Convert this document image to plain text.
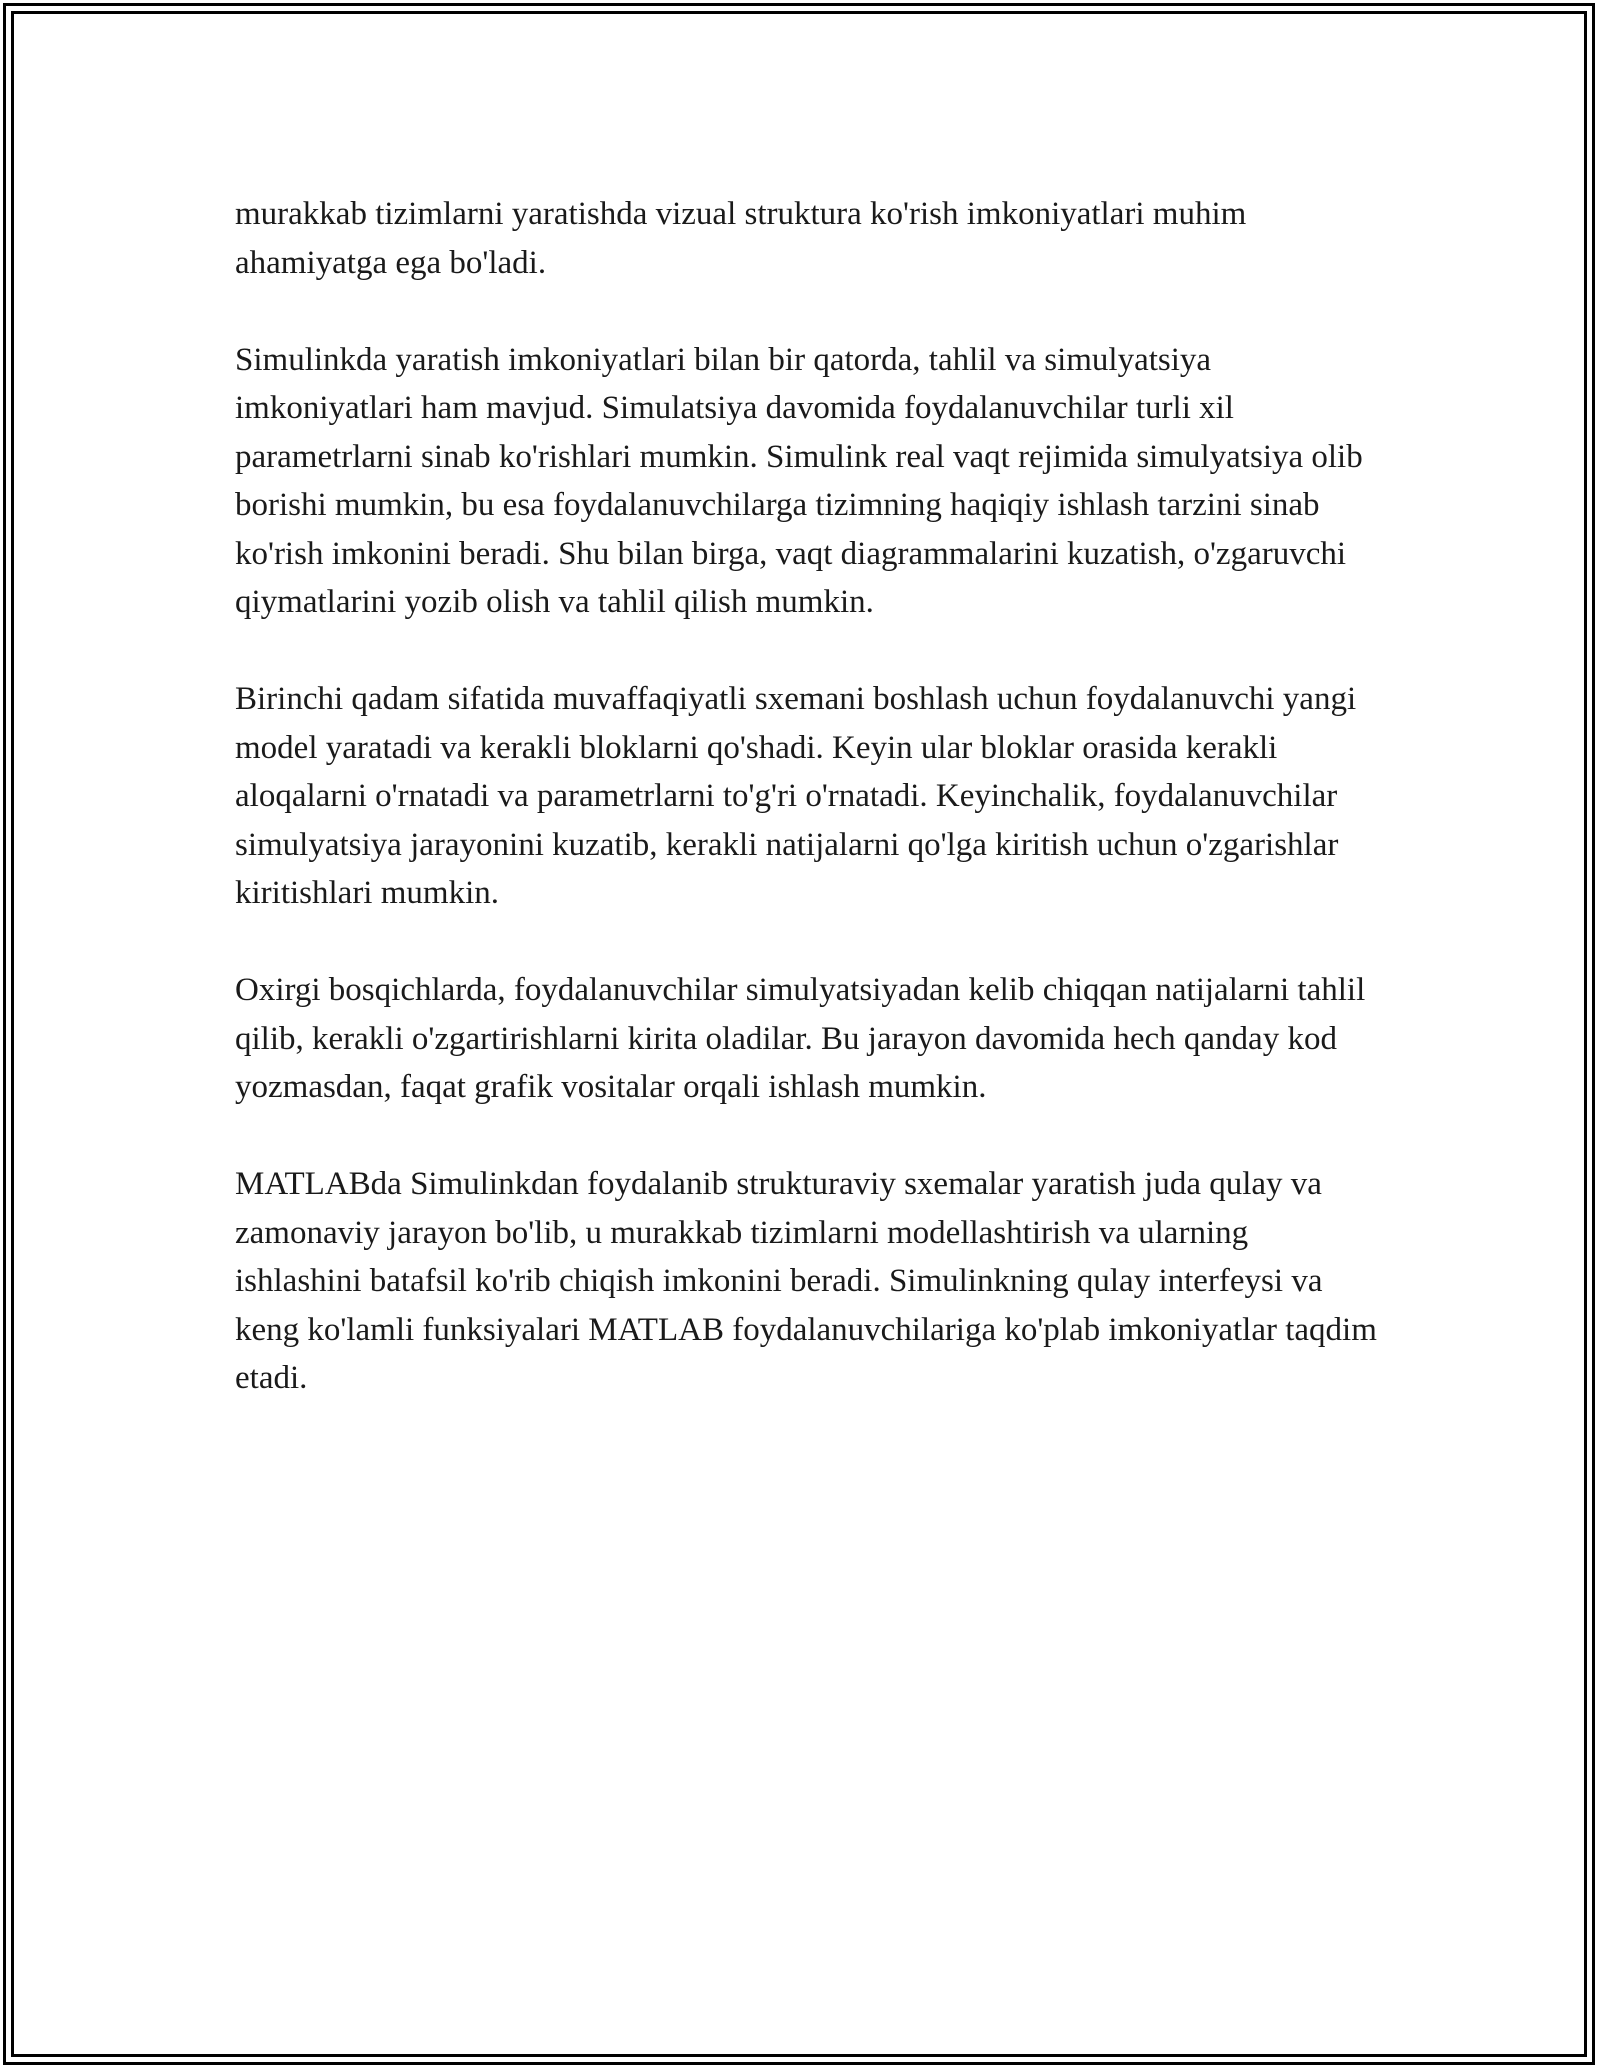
murakkab tizimlarni yaratishda vizual struktura ko'rish imkoniyatlari muhim ahamiyatga ega bo'ladi.

Simulinkda yaratish imkoniyatlari bilan bir qatorda, tahlil va simulyatsiya imkoniyatlari ham mavjud. Simulatsiya davomida foydalanuvchilar turli xil parametrlarni sinab ko'rishlari mumkin. Simulink real vaqt rejimida simulyatsiya olib borishi mumkin, bu esa foydalanuvchilarga tizimning haqiqiy ishlash tarzini sinab ko'rish imkonini beradi. Shu bilan birga, vaqt diagrammalarini kuzatish, o'zgaruvchi qiymatlarini yozib olish va tahlil qilish mumkin.

Birinchi qadam sifatida muvaffaqiyatli sxemani boshlash uchun foydalanuvchi yangi model yaratadi va kerakli bloklarni qo'shadi. Keyin ular bloklar orasida kerakli aloqalarni o'rnatadi va parametrlarni to'g'ri o'rnatadi. Keyinchalik, foydalanuvchilar simulyatsiya jarayonini kuzatib, kerakli natijalarni qo'lga kiritish uchun o'zgarishlar kiritishlari mumkin.

Oxirgi bosqichlarda, foydalanuvchilar simulyatsiyadan kelib chiqqan natijalarni tahlil qilib, kerakli o'zgartirishlarni kirita oladilar. Bu jarayon davomida hech qanday kod yozmasdan, faqat grafik vositalar orqali ishlash mumkin.

MATLABda Simulinkdan foydalanib strukturaviy sxemalar yaratish juda qulay va zamonaviy jarayon bo'lib, u murakkab tizimlarni modellashtirish va ularning ishlashini batafsil ko'rib chiqish imkonini beradi. Simulinkning qulay interfeysi va keng ko'lamli funksiyalari MATLAB foydalanuvchilariga ko'plab imkoniyatlar taqdim etadi.
